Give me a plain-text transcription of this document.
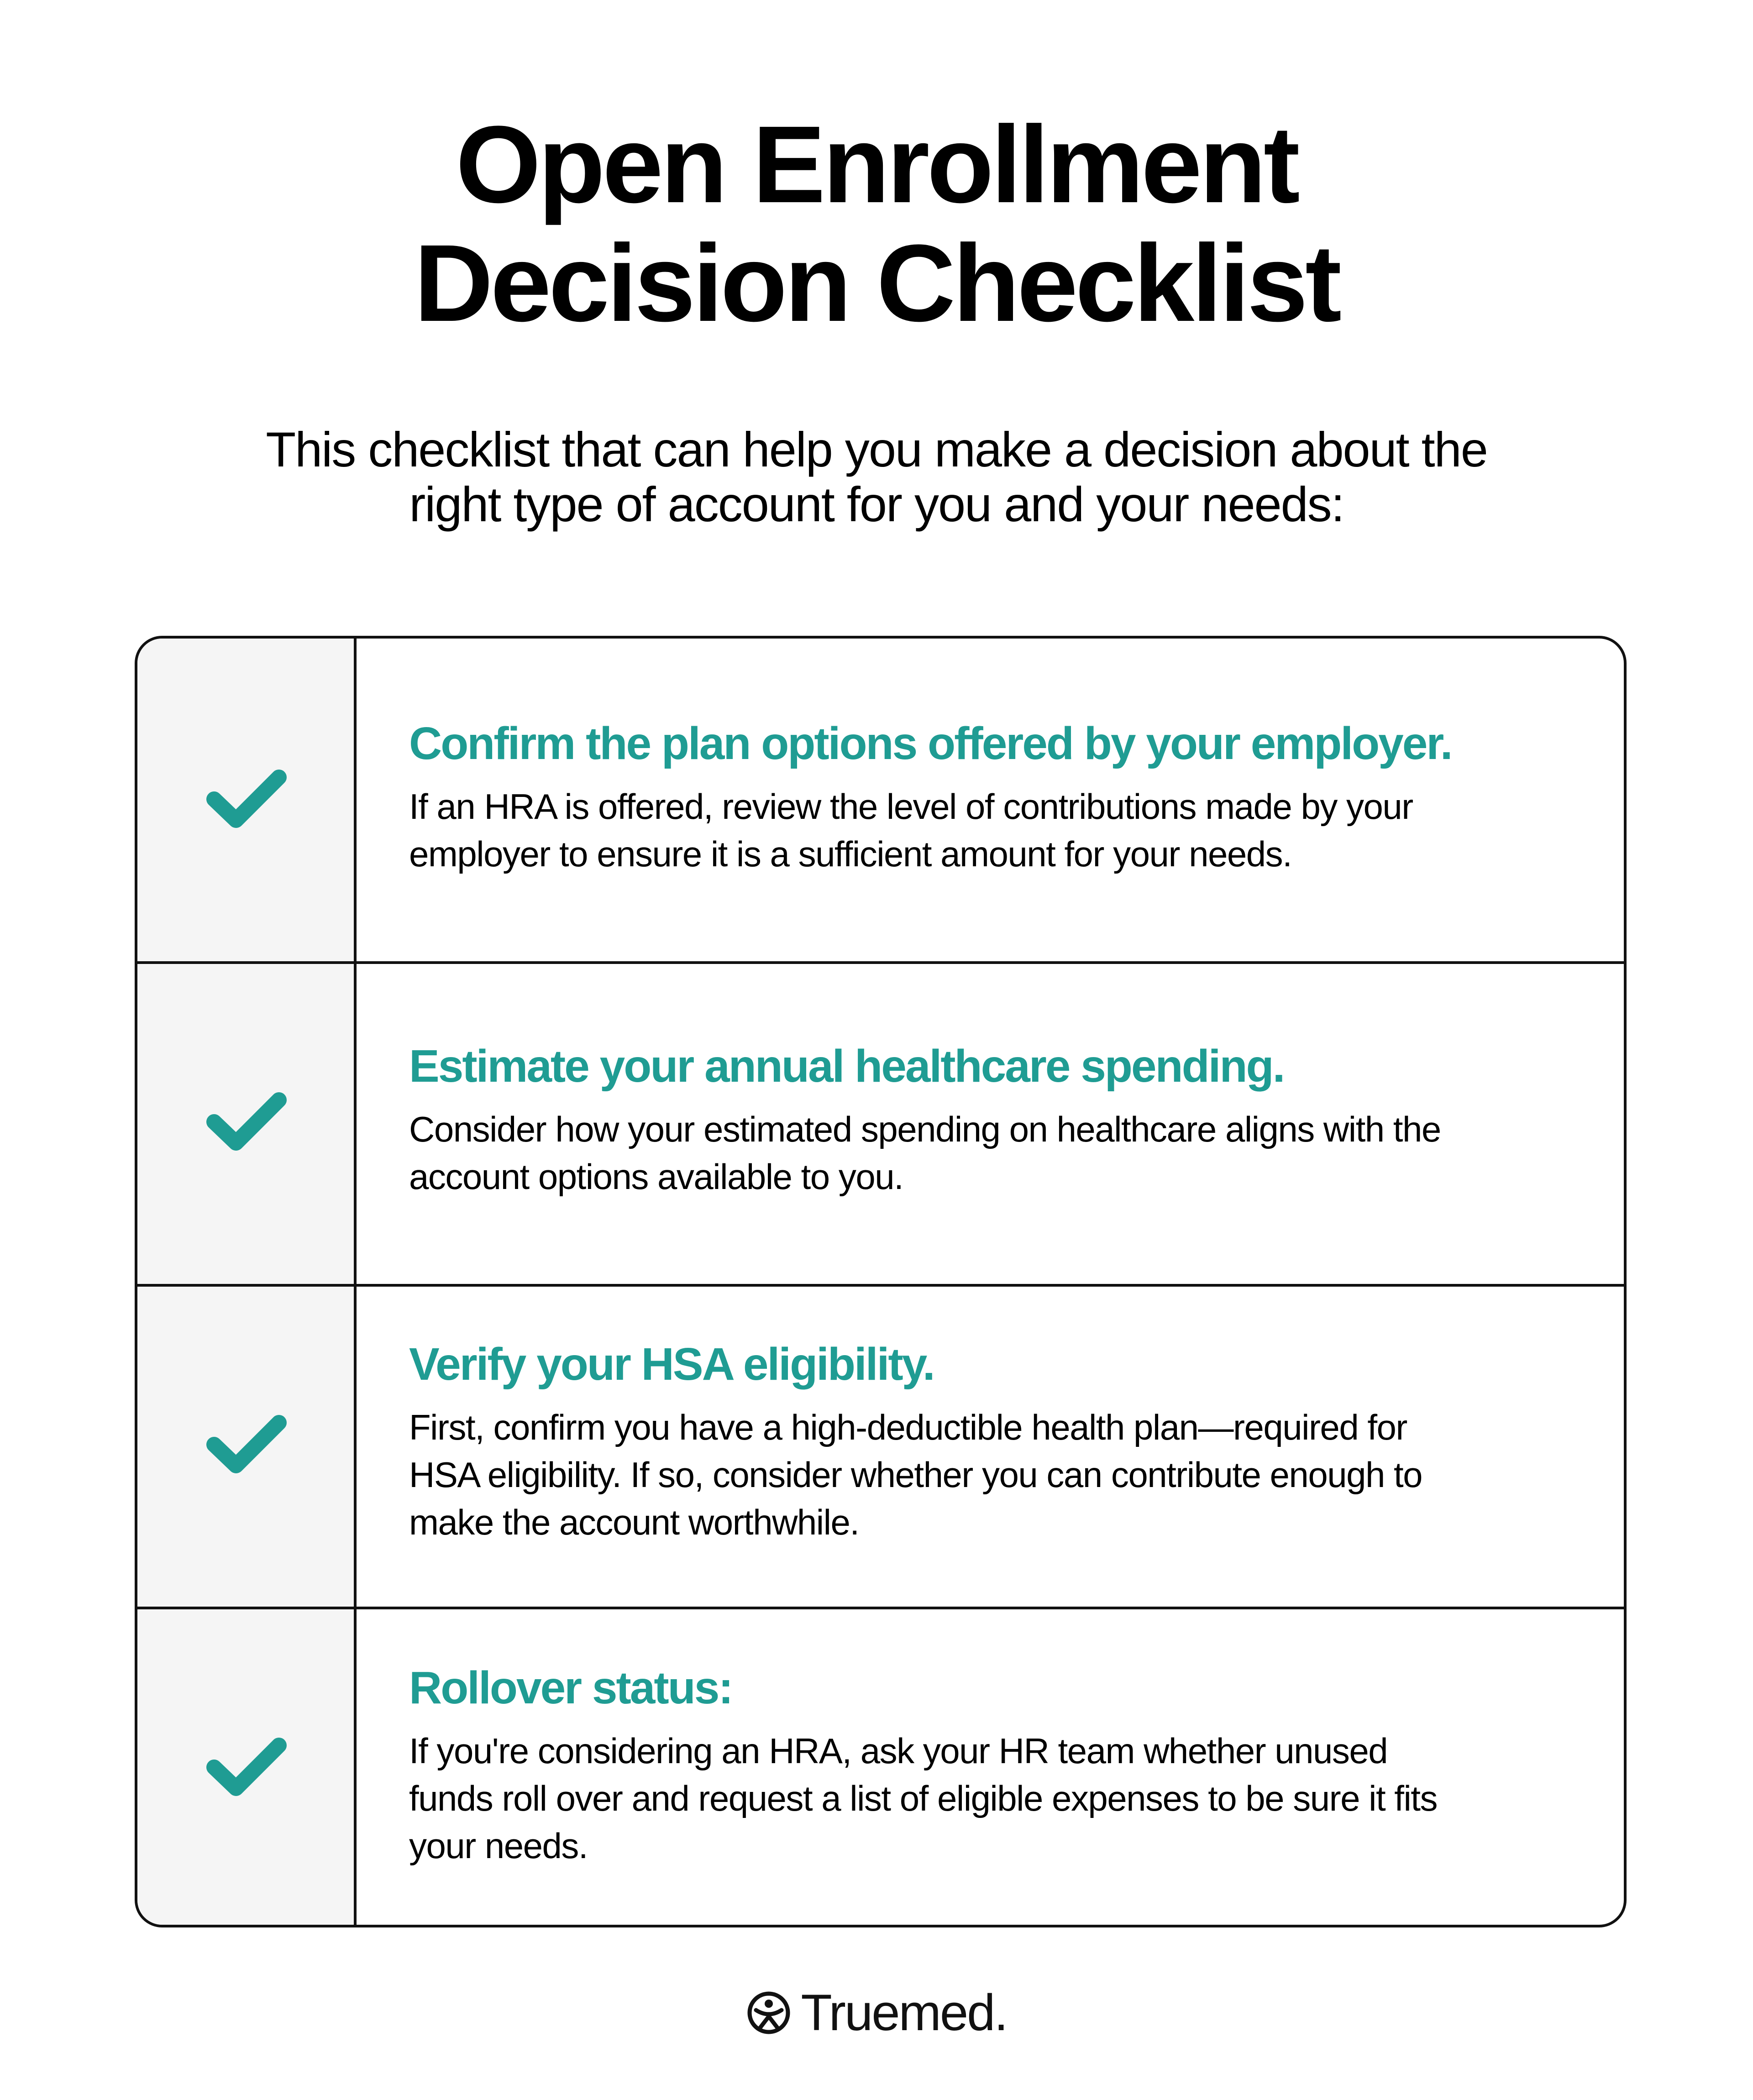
Open Enrollment
Decision Checklist
This checklist that can help you make a decision about the
right type of account for you and your needs:

Confirm the plan options offered by your employer.

If an HRA is offered, review the level of contributions made by your
employer to ensure it is a sufficient amount for your needs.

Estimate your annual healthcare spending.

Consider how your estimated spending on healthcare aligns with the
account options available to you.

Verify your HSA eligibility.

First, confirm you have a high-deductible health plan—required for
HSA eligibility. If so, consider whether you can contribute enough to
make the account worthwhile.

Rollover status:

If you're considering an HRA, ask your HR team whether unused
funds roll over and request a list of eligible expenses to be sure it fits
your needs.

Truemed.
